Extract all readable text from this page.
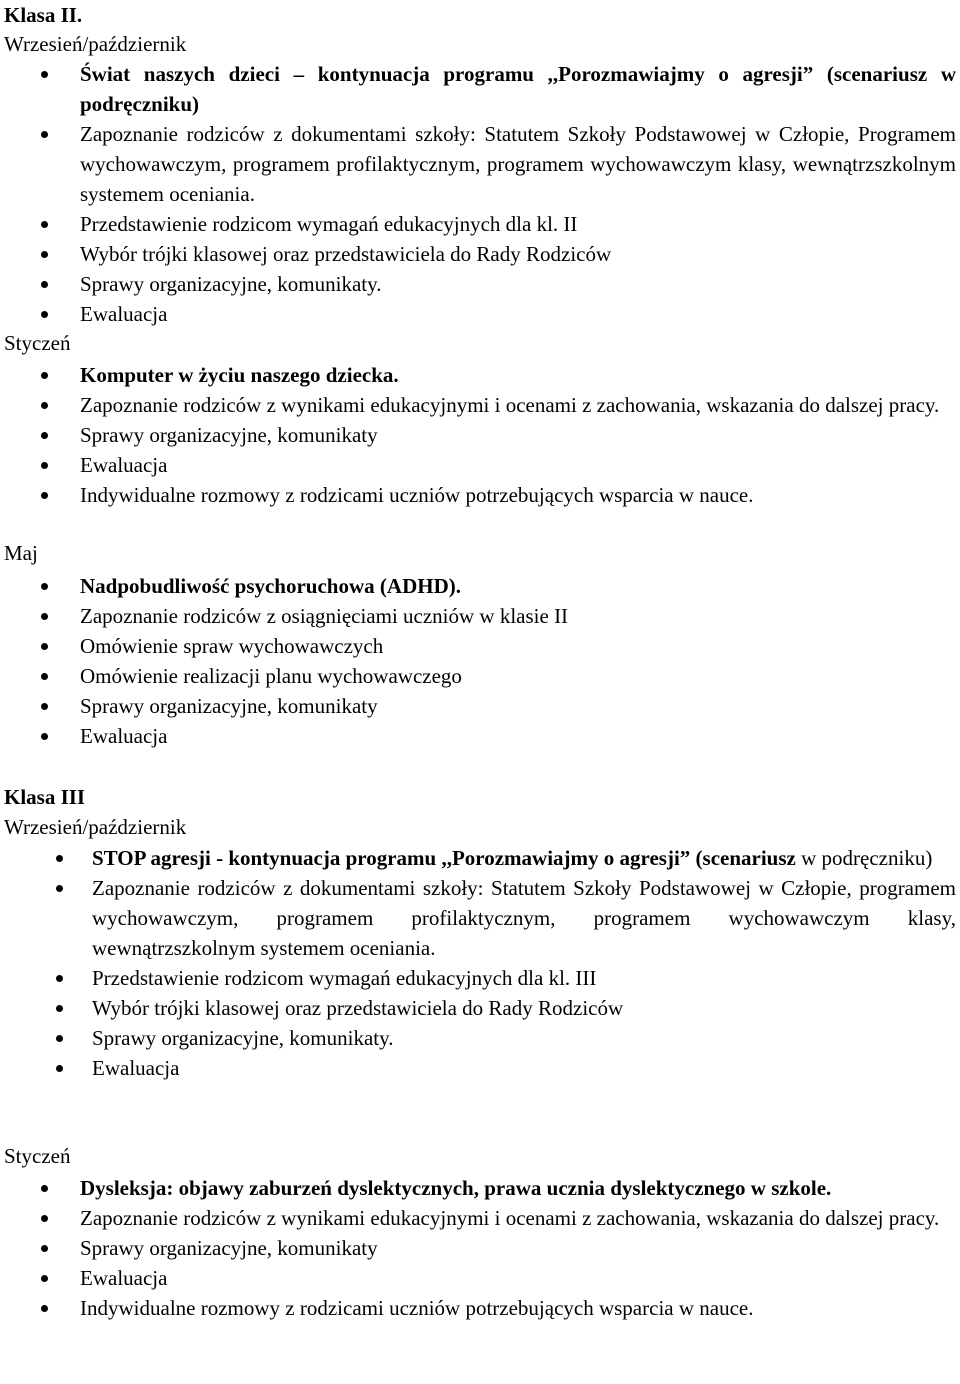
Klasa II.
Wrzesień/październik
Świat naszych dzieci – kontynuacja programu ,,Porozmawiajmy o agresji” (scenariusz w podręczniku)
Zapoznanie rodziców z dokumentami szkoły: Statutem Szkoły Podstawowej w Człopie, Programem wychowawczym, programem profilaktycznym, programem wychowawczym klasy, wewnątrzszkolnym systemem oceniania.
Przedstawienie rodzicom wymagań edukacyjnych dla kl. II
Wybór trójki klasowej oraz przedstawiciela do Rady Rodziców
Sprawy organizacyjne, komunikaty.
Ewaluacja
Styczeń
Komputer w życiu naszego dziecka.
Zapoznanie rodziców z wynikami edukacyjnymi i ocenami z zachowania, wskazania do dalszej pracy.
Sprawy organizacyjne, komunikaty
Ewaluacja
Indywidualne rozmowy z rodzicami uczniów potrzebujących wsparcia w nauce.
Maj
Nadpobudliwość psychoruchowa (ADHD).
Zapoznanie rodziców z osiągnięciami uczniów w klasie II
Omówienie spraw wychowawczych
Omówienie realizacji planu wychowawczego
Sprawy organizacyjne, komunikaty
Ewaluacja
Klasa III
Wrzesień/październik
STOP agresji - kontynuacja programu ,,Porozmawiajmy o agresji” (scenariusz w podręczniku)
Zapoznanie rodziców z dokumentami szkoły: Statutem Szkoły Podstawowej w Człopie, programem wychowawczym, programem profilaktycznym, programem wychowawczym klasy, wewnątrzszkolnym systemem oceniania.
Przedstawienie rodzicom wymagań edukacyjnych dla kl. III
Wybór trójki klasowej oraz przedstawiciela do Rady Rodziców
Sprawy organizacyjne, komunikaty.
Ewaluacja
Styczeń
Dysleksja: objawy zaburzeń dyslektycznych, prawa ucznia dyslektycznego w szkole.
Zapoznanie rodziców z wynikami edukacyjnymi i ocenami z zachowania, wskazania do dalszej pracy.
Sprawy organizacyjne, komunikaty
Ewaluacja
Indywidualne rozmowy z rodzicami uczniów potrzebujących wsparcia w nauce.
